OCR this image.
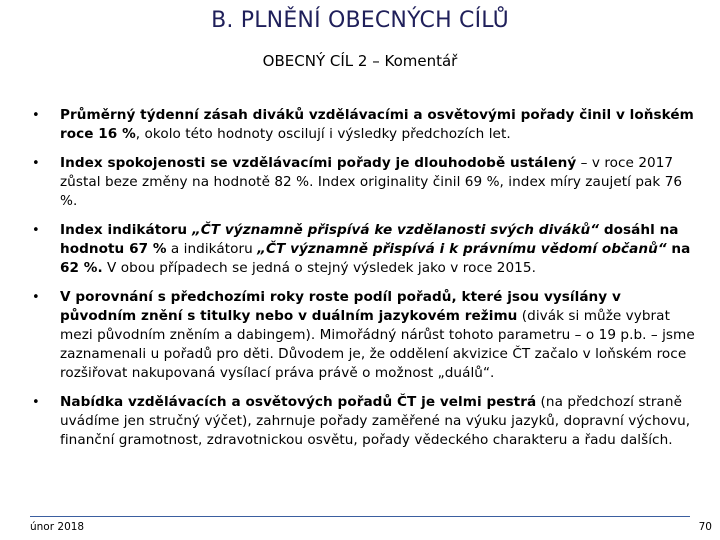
B. PLNĚNÍ OBECNÝCH CÍLŮ
OBECNÝ CÍL 2 – Komentář
• Průměrný týdenní zásah diváků vzdělávacími a osvětovými pořady činil v loňském roce 16 %, okolo této hodnoty oscilují i výsledky předchozích let.
• Index spokojenosti se vzdělávacími pořady je dlouhodobě ustálený – v roce 2017 zůstal beze změny na hodnotě 82 %. Index originality činil 69 %, index míry zaujetí pak 76 %.
• Index indikátoru „ČT významně přispívá ke vzdělanosti svých diváků“ dosáhl na hodnotu 67 % a indikátoru „ČT významně přispívá i k právnímu vědomí občanů“ na 62 %. V obou případech se jedná o stejný výsledek jako v roce 2015.
• V porovnání s předchozími roky roste podíl pořadů, které jsou vysílány v původním znění s titulky nebo v duálním jazykovém režimu (divák si může vybrat mezi původním zněním a dabingem). Mimořádný nárůst tohoto parametru – o 19 p.b. – jsme zaznamenali u pořadů pro děti. Důvodem je, že oddělení akvizice ČT začalo v loňském roce rozšiřovat nakupovaná vysílací práva právě o možnost „duálů“.
• Nabídka vzdělávacích a osvětových pořadů ČT je velmi pestrá (na předchozí straně uvádíme jen stručný výčet), zahrnuje pořady zaměřené na výuku jazyků, dopravní výchovu, finanční gramotnost, zdravotnickou osvětu, pořady vědeckého charakteru a řadu dalších.
únor 2018	70
